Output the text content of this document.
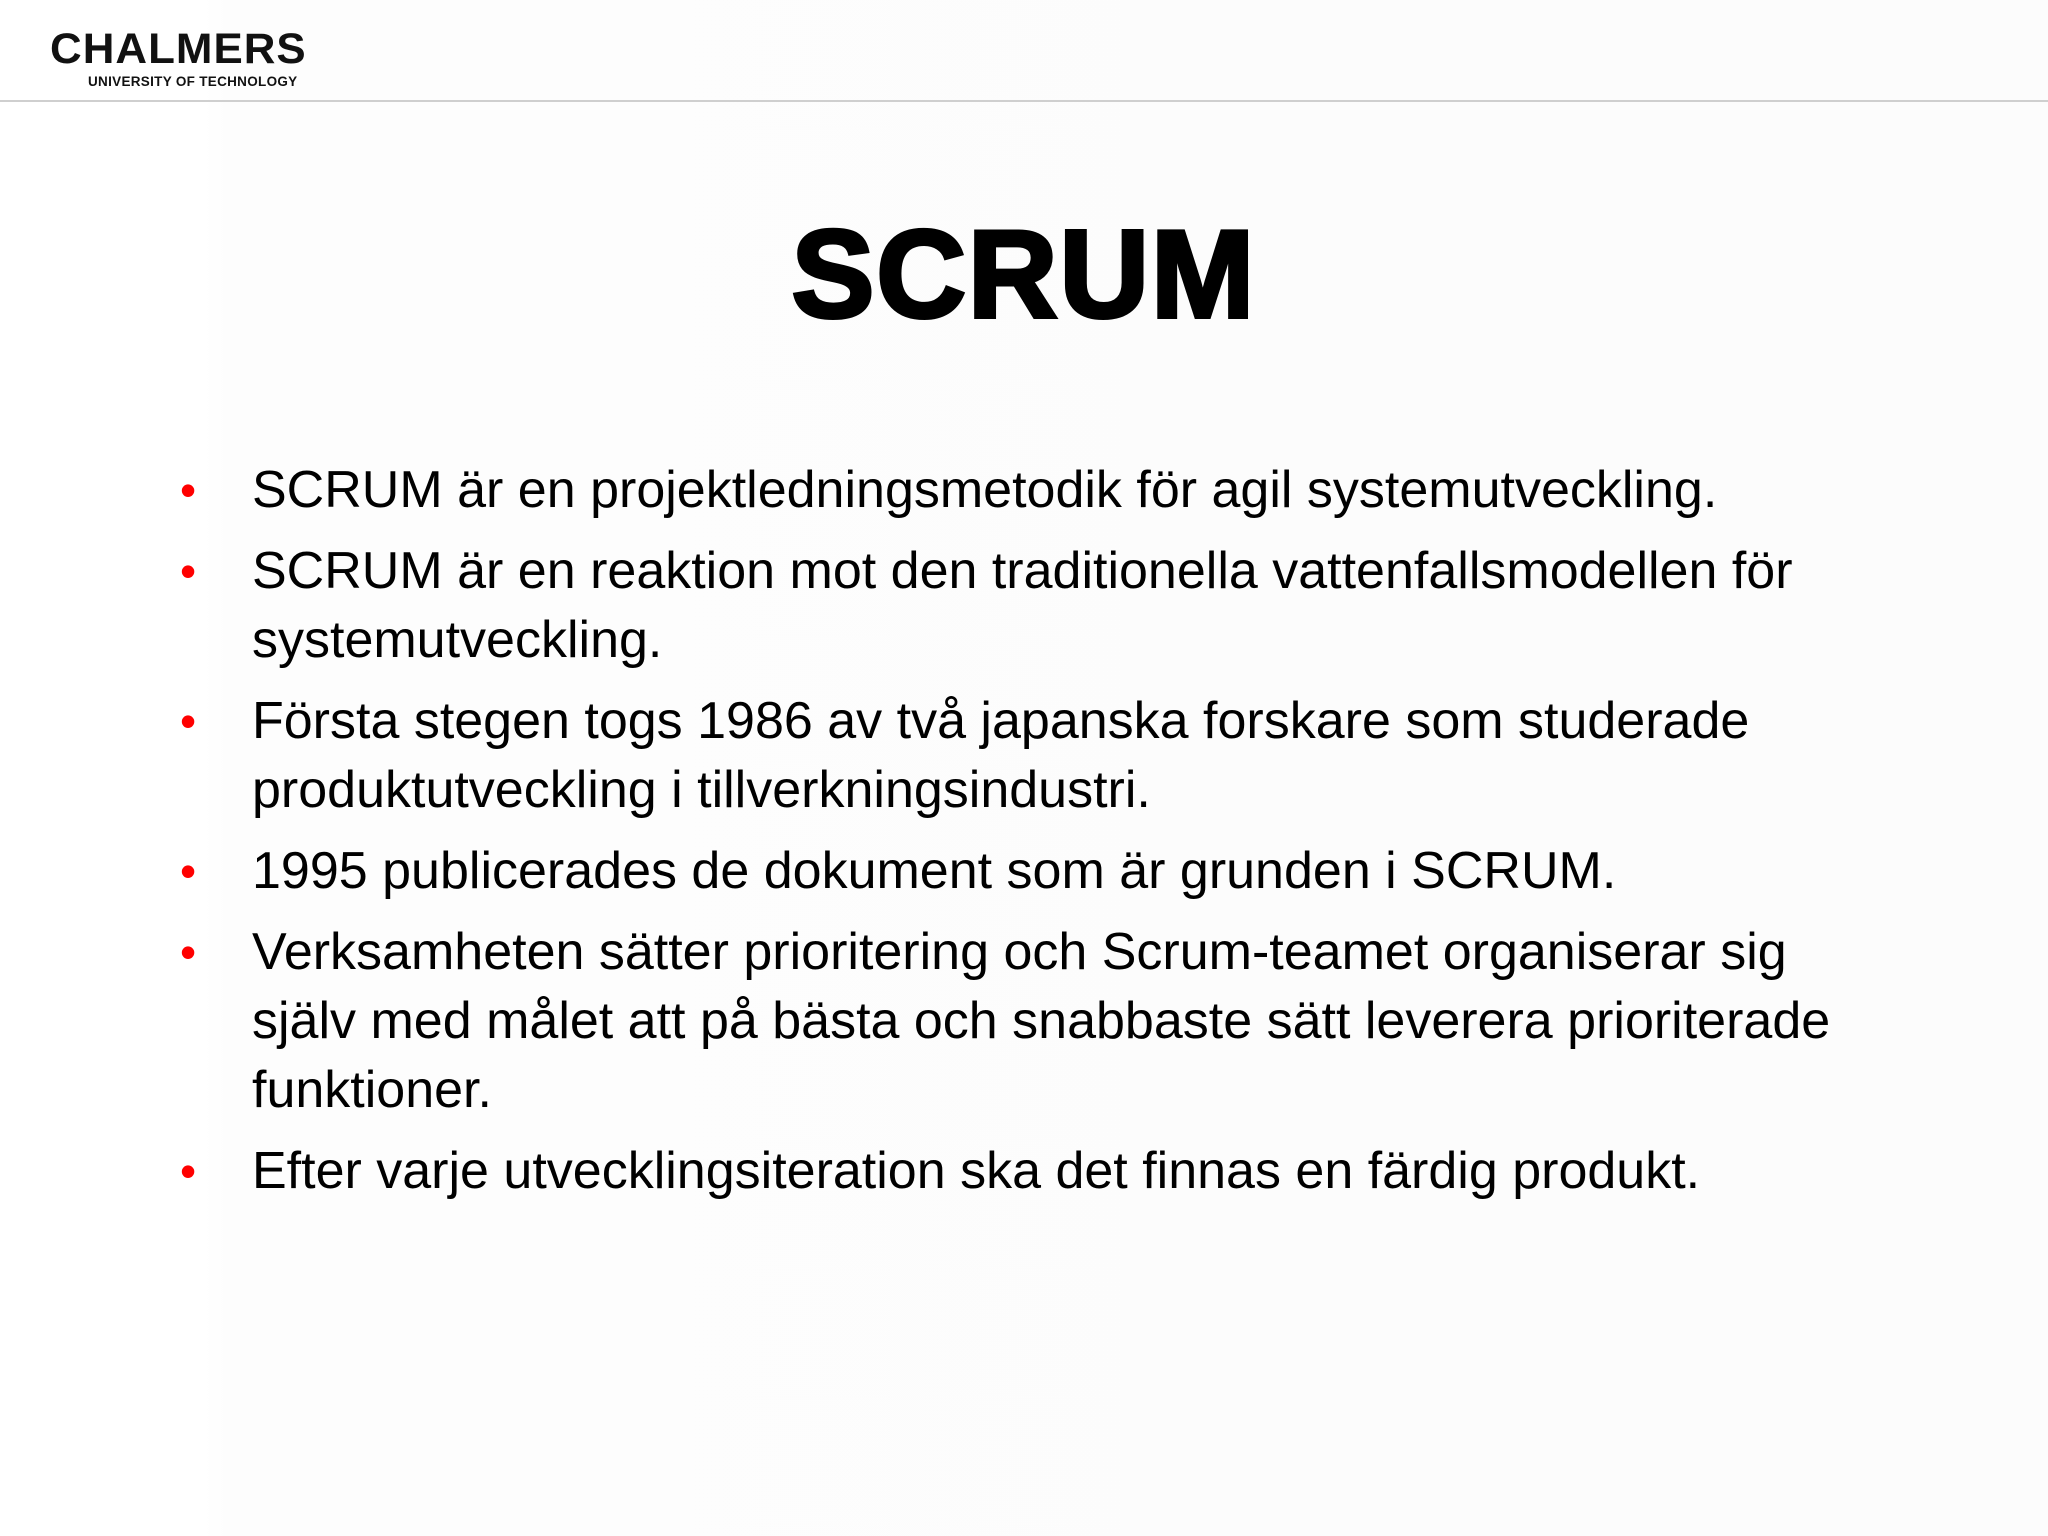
CHALMERS
UNIVERSITY OF TECHNOLOGY
SCRUM
•	SCRUM är en projektledningsmetodik för agil systemutveckling.
•	SCRUM är en reaktion mot den traditionella vattenfallsmodellen för systemutveckling.
•	Första stegen togs 1986 av två japanska forskare som studerade produktutveckling i tillverkningsindustri.
•	1995 publicerades de dokument som är grunden i SCRUM.
•	Verksamheten sätter prioritering och Scrum-teamet organiserar sig själv med målet att på bästa och snabbaste sätt leverera prioriterade funktioner.
•	Efter varje utvecklingsiteration ska det finnas en färdig produkt.
